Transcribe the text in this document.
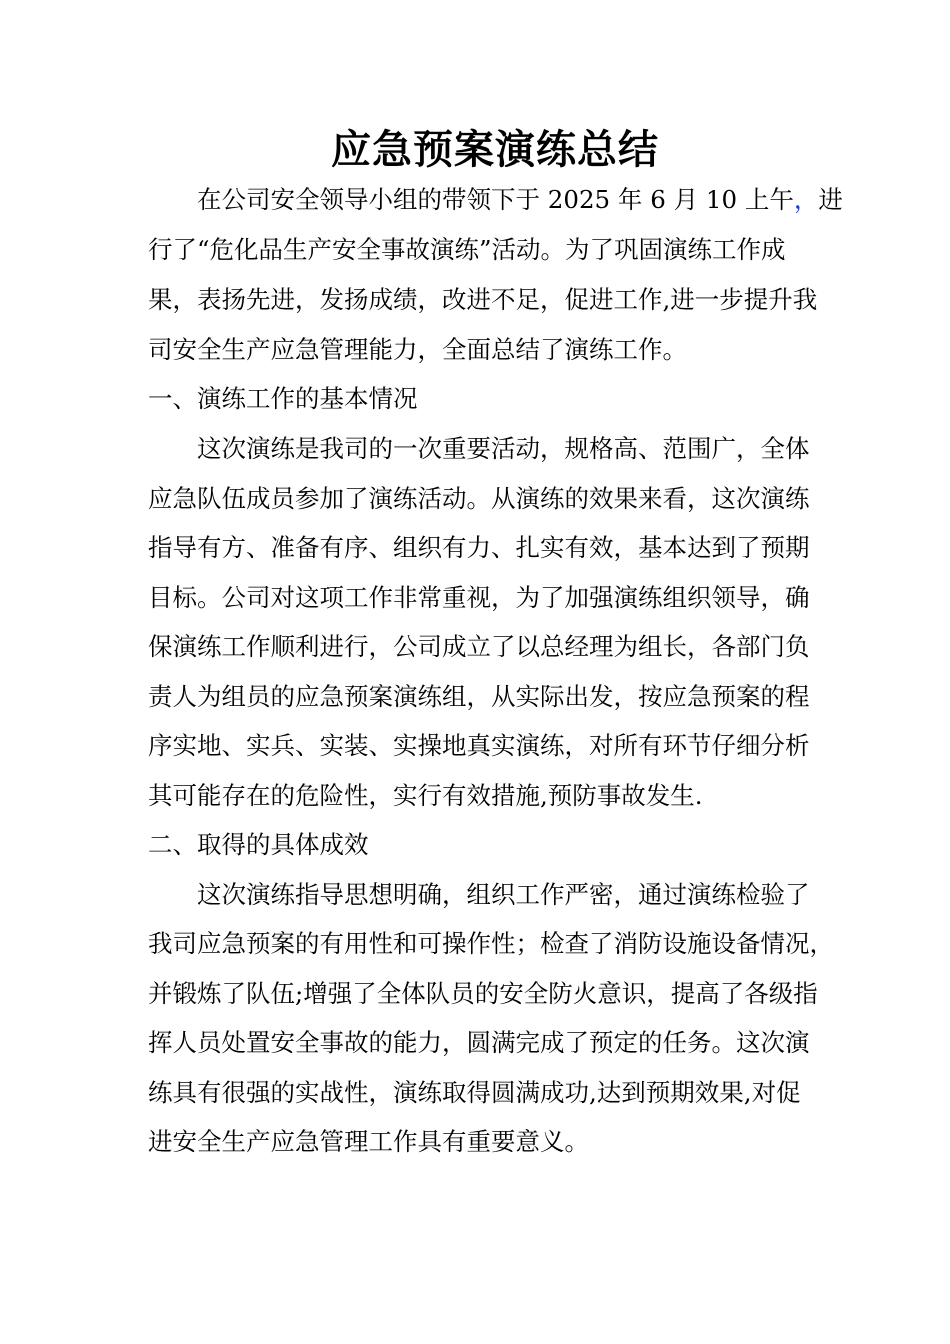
应急预案演练总结

在公司安全领导小组的带领下于 2025 年 6 月 10 上午，进

行了“危化品生产安全事故演练”活动。为了巩固演练工作成

果，表扬先进，发扬成绩，改进不足，促进工作,进一步提升我

司安全生产应急管理能力，全面总结了演练工作。

一、演练工作的基本情况

这次演练是我司的一次重要活动，规格高、范围广，全体

应急队伍成员参加了演练活动。从演练的效果来看，这次演练

指导有方、准备有序、组织有力、扎实有效，基本达到了预期

目标。公司对这项工作非常重视，为了加强演练组织领导，确

保演练工作顺利进行，公司成立了以总经理为组长，各部门负

责人为组员的应急预案演练组，从实际出发，按应急预案的程

序实地、实兵、实装、实操地真实演练，对所有环节仔细分析

其可能存在的危险性，实行有效措施,预防事故发生.

二、取得的具体成效

这次演练指导思想明确，组织工作严密，通过演练检验了

我司应急预案的有用性和可操作性；检查了消防设施设备情况，

并锻炼了队伍;增强了全体队员的安全防火意识，提高了各级指

挥人员处置安全事故的能力，圆满完成了预定的任务。这次演

练具有很强的实战性，演练取得圆满成功,达到预期效果,对促

进安全生产应急管理工作具有重要意义。
